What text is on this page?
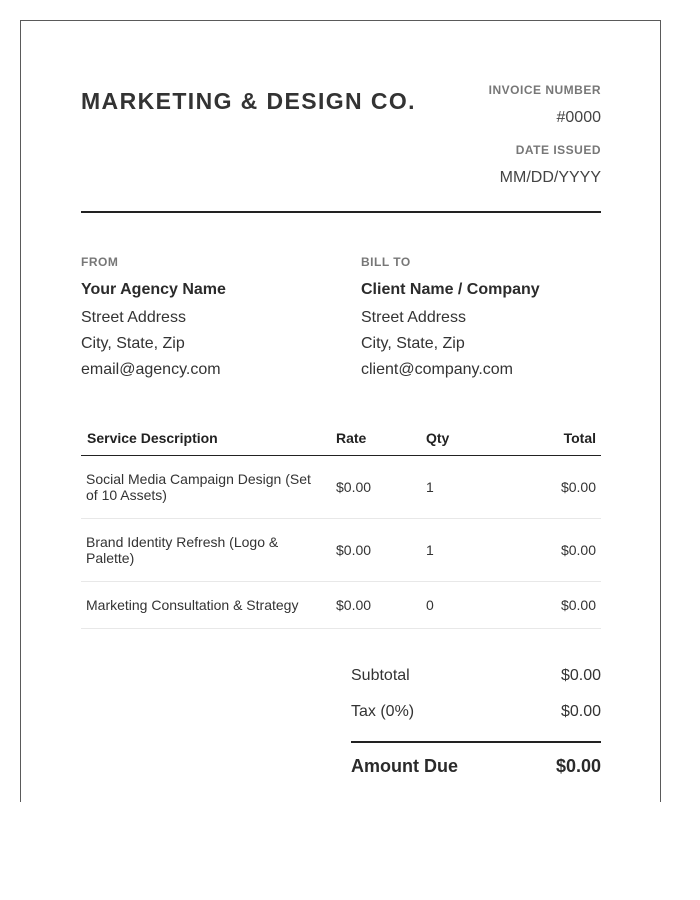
MARKETING & DESIGN CO.	INVOICE NUMBER
#0000
DATE ISSUED
MM/DD/YYYY
FROM
Your Agency Name
Street Address
City, State, Zip
email@agency.com
BILL TO
Client Name / Company
Street Address
City, State, Zip
client@company.com
Service Description	Rate	Qty	Total
Social Media Campaign Design (Set of 10 Assets)	$0.00	1	$0.00
Brand Identity Refresh (Logo & Palette)	$0.00	1	$0.00
Marketing Consultation & Strategy	$0.00	0	$0.00
Subtotal	$0.00
Tax (0%)	$0.00
Amount Due	$0.00
